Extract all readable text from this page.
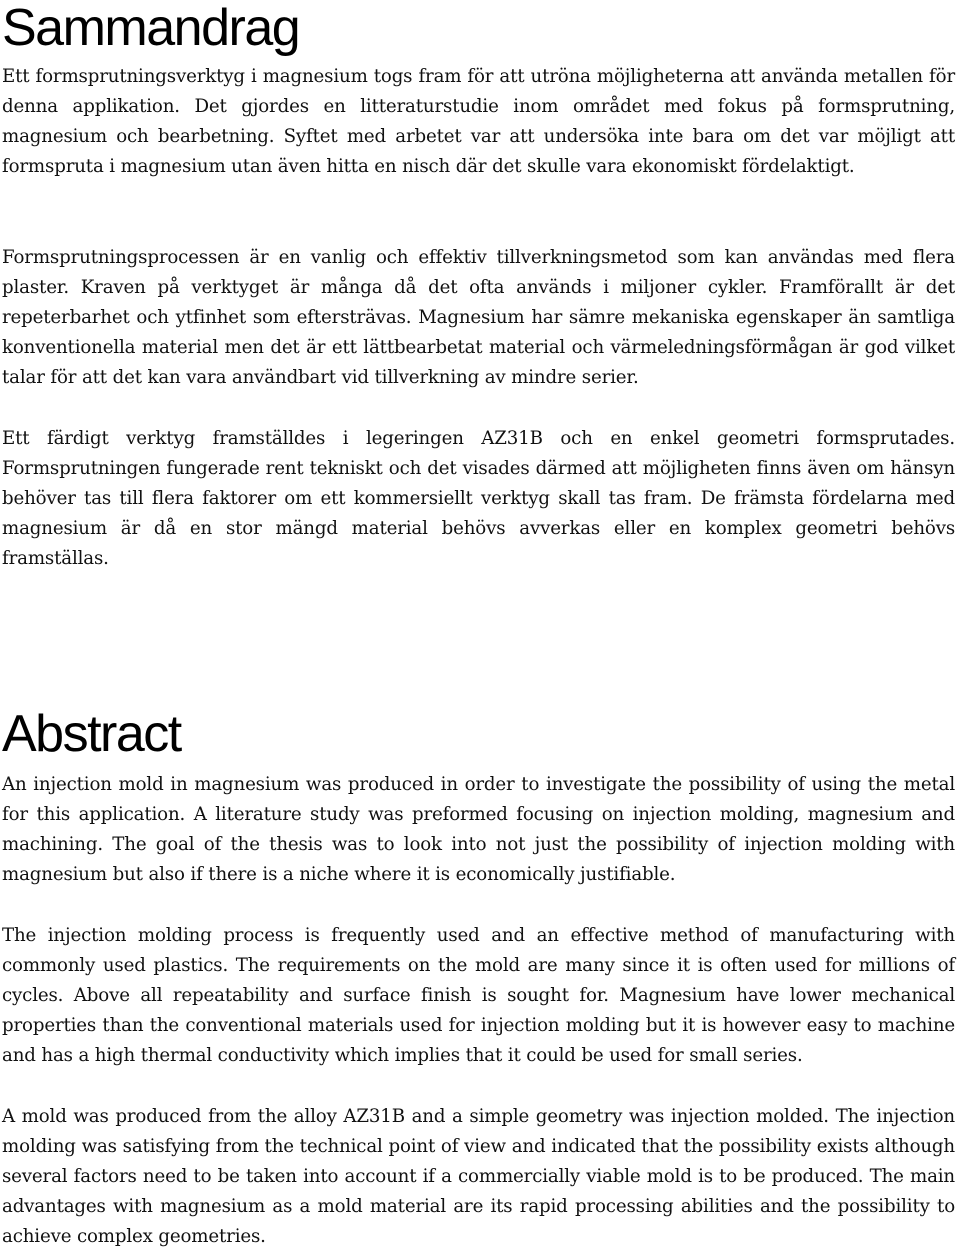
Sammandrag

Ett formsprutningsverktyg i magnesium togs fram för att utröna möjligheterna att använda metallen för denna applikation. Det gjordes en litteraturstudie inom området med fokus på formsprutning, magnesium och bearbetning. Syftet med arbetet var att undersöka inte bara om det var möjligt att formspruta i magnesium utan även hitta en nisch där det skulle vara ekonomiskt fördelaktigt.

Formsprutningsprocessen är en vanlig och effektiv tillverkningsmetod som kan användas med flera plaster. Kraven på verktyget är många då det ofta används i miljoner cykler. Framförallt är det repeterbarhet och ytfinhet som eftersträvas. Magnesium har sämre mekaniska egenskaper än samtliga konventionella material men det är ett lättbearbetat material och värmeledningsförmågan är god vilket talar för att det kan vara användbart vid tillverkning av mindre serier.

Ett färdigt verktyg framställdes i legeringen AZ31B och en enkel geometri formsprutades. Formsprutningen fungerade rent tekniskt och det visades därmed att möjligheten finns även om hänsyn behöver tas till flera faktorer om ett kommersiellt verktyg skall tas fram. De främsta fördelarna med magnesium är då en stor mängd material behövs avverkas eller en komplex geometri behövs framställas.

Abstract

An injection mold in magnesium was produced in order to investigate the possibility of using the metal for this application. A literature study was preformed focusing on injection molding, magnesium and machining. The goal of the thesis was to look into not just the possibility of injection molding with magnesium but also if there is a niche where it is economically justifiable.

The injection molding process is frequently used and an effective method of manufacturing with commonly used plastics. The requirements on the mold are many since it is often used for millions of cycles. Above all repeatability and surface finish is sought for. Magnesium have lower mechanical properties than the conventional materials used for injection molding but it is however easy to machine and has a high thermal conductivity which implies that it could be used for small series.

A mold was produced from the alloy AZ31B and a simple geometry was injection molded. The injection molding was satisfying from the technical point of view and indicated that the possibility exists although several factors need to be taken into account if a commercially viable mold is to be produced. The main advantages with magnesium as a mold material are its rapid processing abilities and the possibility to achieve complex geometries.
